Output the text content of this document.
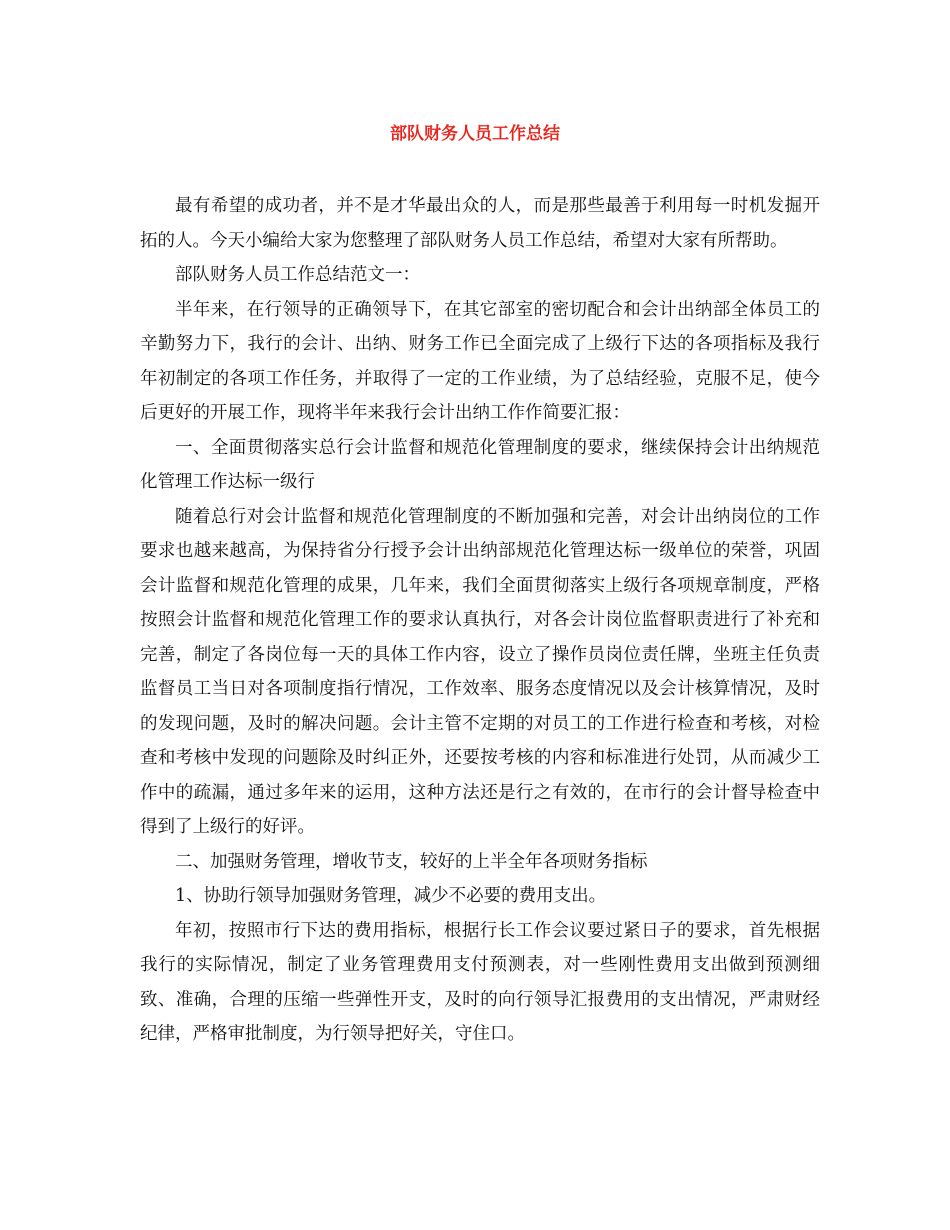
部队财务人员工作总结

最有希望的成功者，并不是才华最出众的人，而是那些最善于利用每一时机发掘开拓的人。今天小编给大家为您整理了部队财务人员工作总结，希望对大家有所帮助。

部队财务人员工作总结范文一：

半年来，在行领导的正确领导下，在其它部室的密切配合和会计出纳部全体员工的辛勤努力下，我行的会计、出纳、财务工作已全面完成了上级行下达的各项指标及我行年初制定的各项工作任务，并取得了一定的工作业绩，为了总结经验，克服不足，使今后更好的开展工作，现将半年来我行会计出纳工作作简要汇报：

一、全面贯彻落实总行会计监督和规范化管理制度的要求，继续保持会计出纳规范化管理工作达标一级行

随着总行对会计监督和规范化管理制度的不断加强和完善，对会计出纳岗位的工作要求也越来越高，为保持省分行授予会计出纳部规范化管理达标一级单位的荣誉，巩固会计监督和规范化管理的成果，几年来，我们全面贯彻落实上级行各项规章制度，严格按照会计监督和规范化管理工作的要求认真执行，对各会计岗位监督职责进行了补充和完善，制定了各岗位每一天的具体工作内容，设立了操作员岗位责任牌，坐班主任负责监督员工当日对各项制度指行情况，工作效率、服务态度情况以及会计核算情况，及时的发现问题，及时的解决问题。会计主管不定期的对员工的工作进行检查和考核，对检查和考核中发现的问题除及时纠正外，还要按考核的内容和标准进行处罚，从而减少工作中的疏漏，通过多年来的运用，这种方法还是行之有效的，在市行的会计督导检查中得到了上级行的好评。

二、加强财务管理，增收节支，较好的上半全年各项财务指标

1、协助行领导加强财务管理，减少不必要的费用支出。

年初，按照市行下达的费用指标，根据行长工作会议要过紧日子的要求，首先根据我行的实际情况，制定了业务管理费用支付预测表，对一些刚性费用支出做到预测细致、准确，合理的压缩一些弹性开支，及时的向行领导汇报费用的支出情况，严肃财经纪律，严格审批制度，为行领导把好关，守住口。
